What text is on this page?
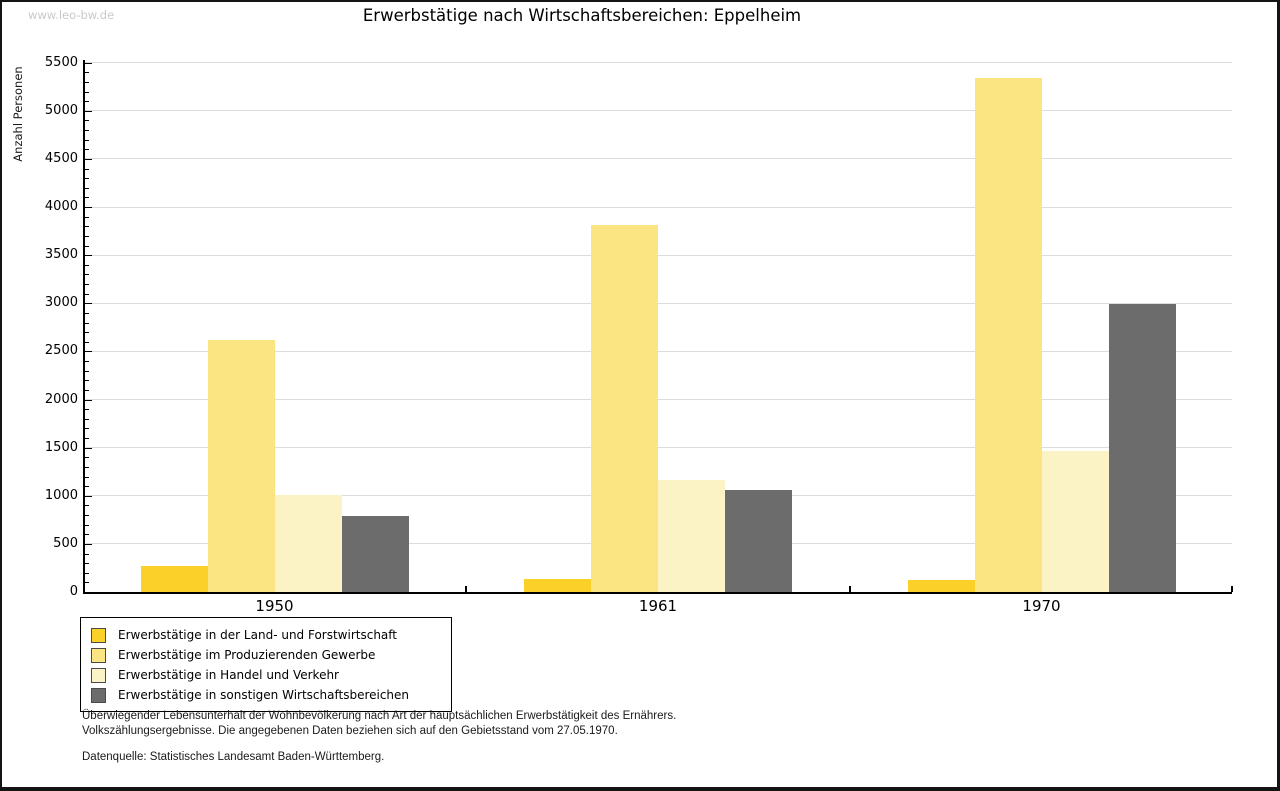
www.leo-bw.de	Erwerbstätige nach Wirtschaftsbereichen: Eppelheim
Anzahl Personen
1950	1961	1970
0
500
1000
1500
2000
2500
3000
3500
4000
4500
5000
5500
Erwerbstätige in der Land- und Forstwirtschaft
Erwerbstätige im Produzierenden Gewerbe
Erwerbstätige in Handel und Verkehr
Erwerbstätige in sonstigen Wirtschaftsbereichen
Überwiegender Lebensunterhalt der Wohnbevölkerung nach Art der hauptsächlichen Erwerbstätigkeit des Ernährers.
Volkszählungsergebnisse. Die angegebenen Daten beziehen sich auf den Gebietsstand vom 27.05.1970.
Datenquelle: Statistisches Landesamt Baden-Württemberg.
